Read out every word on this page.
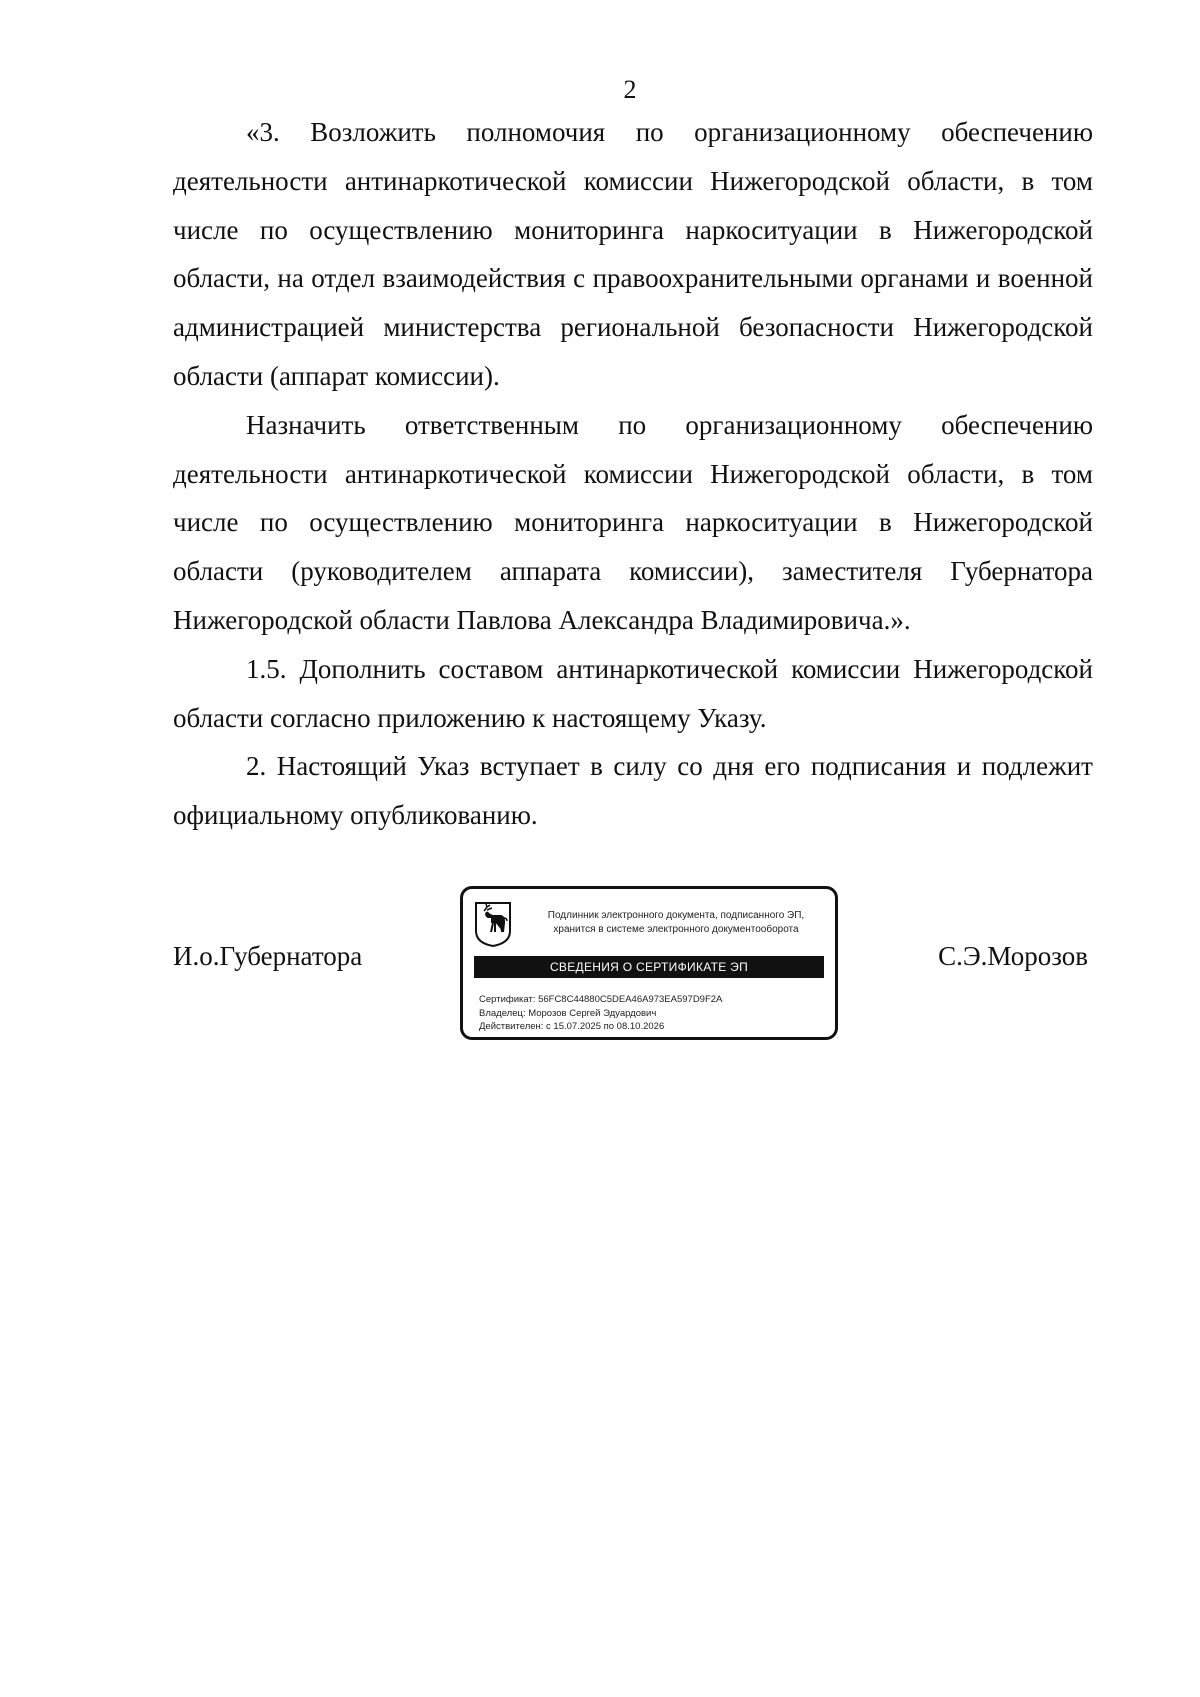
2

«3. Возложить полномочия по организационному обеспечению деятельности антинаркотической комиссии Нижегородской области, в том числе по осуществлению мониторинга наркоситуации в Нижегородской области, на отдел взаимодействия с правоохранительными органами и военной администрацией министерства региональной безопасности Нижегородской области (аппарат комиссии).

Назначить ответственным по организационному обеспечению деятельности антинаркотической комиссии Нижегородской области, в том числе по осуществлению мониторинга наркоситуации в Нижегородской области (руководителем аппарата комиссии), заместителя Губернатора Нижегородской области Павлова Александра Владимировича.».

1.5. Дополнить составом антинаркотической комиссии Нижегородской области согласно приложению к настоящему Указу.

2. Настоящий Указ вступает в силу со дня его подписания и подлежит официальному опубликованию.

И.о.Губернатора
Подлинник электронного документа, подписанного ЭП,
хранится в системе электронного документооборота
СВЕДЕНИЯ О СЕРТИФИКАТЕ ЭП
Сертификат: 56FC8C44880C5DEA46A973EA597D9F2A
Владелец: Морозов Сергей Эдуардович
Действителен: с 15.07.2025 по 08.10.2026
С.Э.Морозов
